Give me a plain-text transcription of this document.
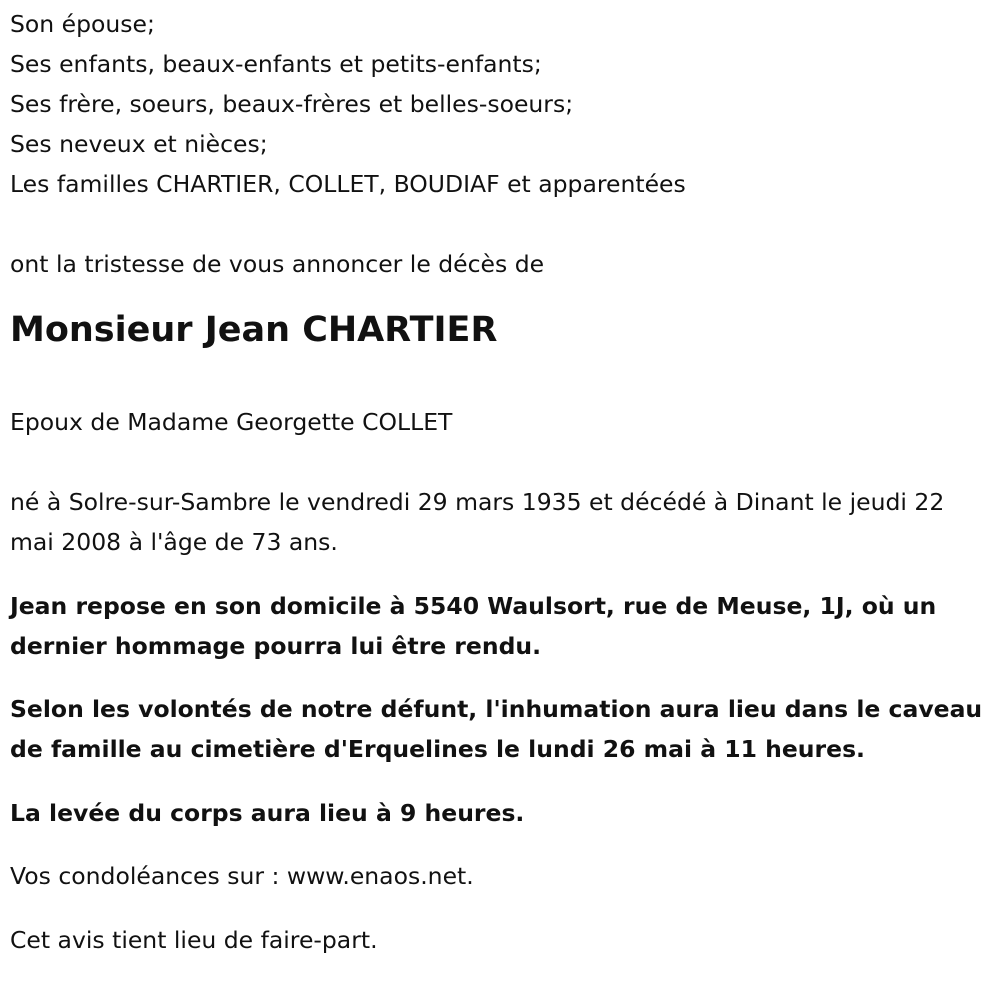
Son épouse;

Ses enfants, beaux-enfants et petits-enfants;

Ses frère, soeurs, beaux-frères et belles-soeurs;

Ses neveux et nièces;

Les familles CHARTIER, COLLET, BOUDIAF et apparentées

ont la tristesse de vous annoncer le décès de

Monsieur Jean CHARTIER

Epoux de Madame Georgette COLLET

né à Solre-sur-Sambre le vendredi 29 mars 1935 et décédé à Dinant le jeudi 22 mai 2008 à l'âge de 73 ans.

Jean repose en son domicile à 5540 Waulsort, rue de Meuse, 1J, où un dernier hommage pourra lui être rendu.

Selon les volontés de notre défunt, l'inhumation aura lieu dans le caveau de famille au cimetière d'Erquelines le lundi 26 mai à 11 heures.

La levée du corps aura lieu à 9 heures.

Vos condoléances sur : www.enaos.net.

Cet avis tient lieu de faire-part.
